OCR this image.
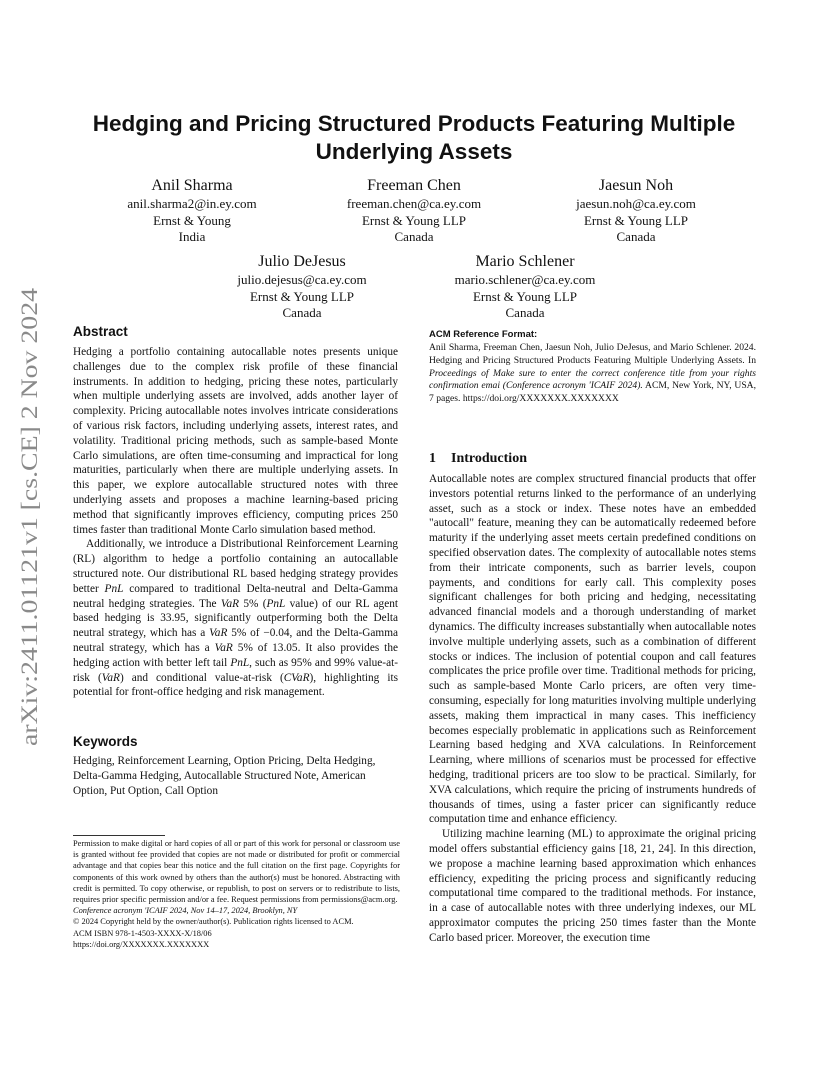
Hedging and Pricing Structured Products Featuring Multiple
Underlying Assets
Anil Sharma
anil.sharma2@in.ey.com
Ernst & Young
India
Freeman Chen
freeman.chen@ca.ey.com
Ernst & Young LLP
Canada
Jaesun Noh
jaesun.noh@ca.ey.com
Ernst & Young LLP
Canada
Julio DeJesus
julio.dejesus@ca.ey.com
Ernst & Young LLP
Canada
Mario Schlener
mario.schlener@ca.ey.com
Ernst & Young LLP
Canada
arXiv:2411.01121v1 [cs.CE] 2 Nov 2024
Abstract

Hedging a portfolio containing autocallable notes presents unique challenges due to the complex risk profile of these financial instruments. In addition to hedging, pricing these notes, particularly when multiple underlying assets are involved, adds another layer of complexity. Pricing autocallable notes involves intricate considerations of various risk factors, including underlying assets, interest rates, and volatility. Traditional pricing methods, such as sample-based Monte Carlo simulations, are often time-consuming and impractical for long maturities, particularly when there are multiple underlying assets. In this paper, we explore autocallable structured notes with three underlying assets and proposes a machine learning-based pricing method that significantly improves efficiency, computing prices 250 times faster than traditional Monte Carlo simulation based method.

Additionally, we introduce a Distributional Reinforcement Learning (RL) algorithm to hedge a portfolio containing an autocallable structured note. Our distributional RL based hedging strategy provides better PnL compared to traditional Delta-neutral and Delta-Gamma neutral hedging strategies. The VaR 5% (PnL value) of our RL agent based hedging is 33.95, significantly outperforming both the Delta neutral strategy, which has a VaR 5% of −0.04, and the Delta-Gamma neutral strategy, which has a VaR 5% of 13.05. It also provides the hedging action with better left tail PnL, such as 95% and 99% value-at-risk (VaR) and conditional value-at-risk (CVaR), highlighting its potential for front-office hedging and risk management.

Keywords

Hedging, Reinforcement Learning, Option Pricing, Delta Hedging, Delta-Gamma Hedging, Autocallable Structured Note, American Option, Put Option, Call Option

Permission to make digital or hard copies of all or part of this work for personal or classroom use is granted without fee provided that copies are not made or distributed for profit or commercial advantage and that copies bear this notice and the full citation on the first page. Copyrights for components of this work owned by others than the author(s) must be honored. Abstracting with credit is permitted. To copy otherwise, or republish, to post on servers or to redistribute to lists, requires prior specific permission and/or a fee. Request permissions from permissions@acm.org.

Conference acronym 'ICAIF 2024, Nov 14–17, 2024, Brooklyn, NY

© 2024 Copyright held by the owner/author(s). Publication rights licensed to ACM.

ACM ISBN 978-1-4503-XXXX-X/18/06

https://doi.org/XXXXXXX.XXXXXXX

ACM Reference Format:

Anil Sharma, Freeman Chen, Jaesun Noh, Julio DeJesus, and Mario Schlener. 2024. Hedging and Pricing Structured Products Featuring Multiple Underlying Assets. In Proceedings of Make sure to enter the correct conference title from your rights confirmation emai (Conference acronym 'ICAIF 2024). ACM, New York, NY, USA, 7 pages. https://doi.org/XXXXXXX.XXXXXXX

1 Introduction

Autocallable notes are complex structured financial products that offer investors potential returns linked to the performance of an underlying asset, such as a stock or index. These notes have an embedded "autocall" feature, meaning they can be automatically redeemed before maturity if the underlying asset meets certain predefined conditions on specified observation dates. The complexity of autocallable notes stems from their intricate components, such as barrier levels, coupon payments, and conditions for early call. This complexity poses significant challenges for both pricing and hedging, necessitating advanced financial models and a thorough understanding of market dynamics. The difficulty increases substantially when autocallable notes involve multiple underlying assets, such as a combination of different stocks or indices. The inclusion of potential coupon and call features complicates the price profile over time. Traditional methods for pricing, such as sample-based Monte Carlo pricers, are often very time-consuming, especially for long maturities involving multiple underlying assets, making them impractical in many cases. This inefficiency becomes especially problematic in applications such as Reinforcement Learning based hedging and XVA calculations. In Reinforcement Learning, where millions of scenarios must be processed for effective hedging, traditional pricers are too slow to be practical. Similarly, for XVA calculations, which require the pricing of instruments hundreds of thousands of times, using a faster pricer can significantly reduce computation time and enhance efficiency.

Utilizing machine learning (ML) to approximate the original pricing model offers substantial efficiency gains [18, 21, 24]. In this direction, we propose a machine learning based approximation which enhances efficiency, expediting the pricing process and significantly reducing computational time compared to the traditional methods. For instance, in a case of autocallable notes with three underlying indexes, our ML approximator computes the pricing 250 times faster than the Monte Carlo based pricer. Moreover, the execution time
